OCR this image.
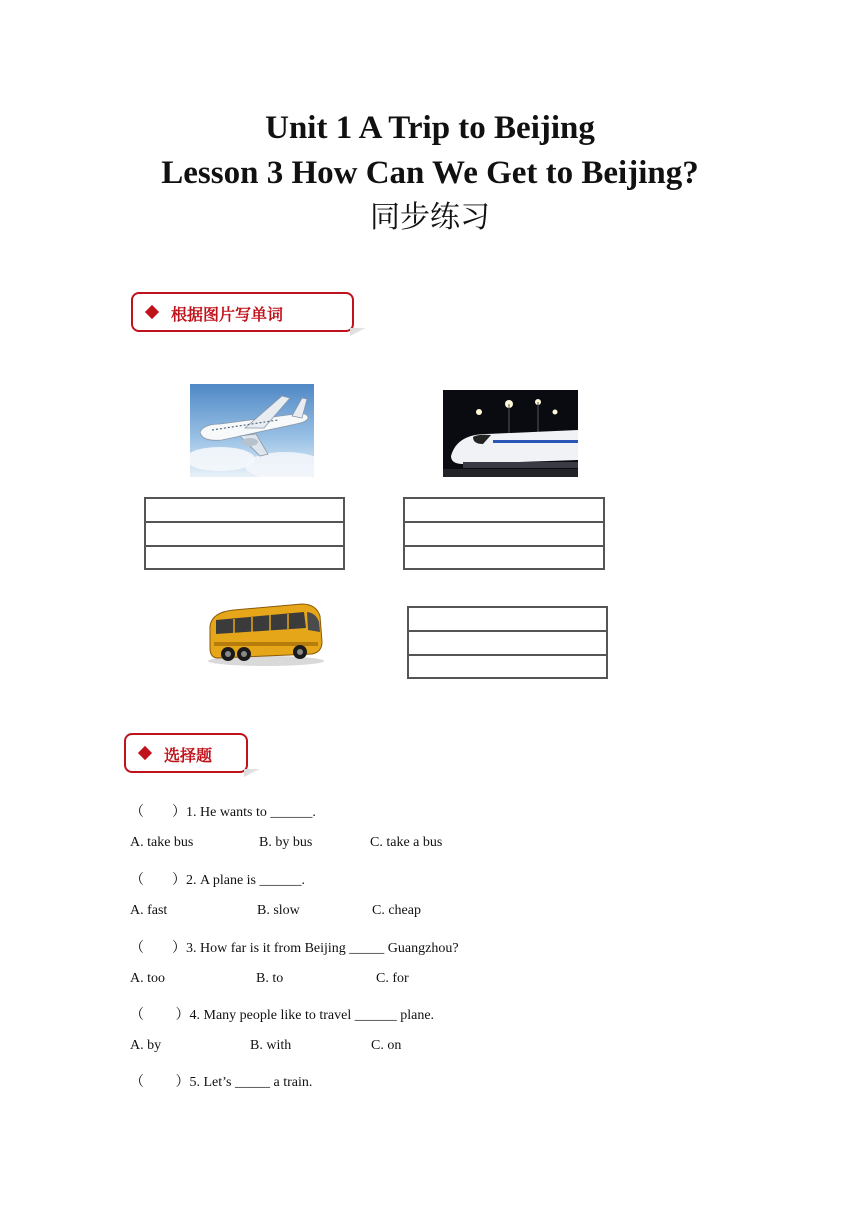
Unit 1 A Trip to Beijing
Lesson 3 How Can We Get to Beijing?
同步练习
根据图片写单词
选择题
（　　）1. He wants to ______.
A. take bus	B. by bus	C. take a bus
（　　）2. A plane is ______.
A. fast	B. slow	C. cheap
（　　）3. How far is it from Beijing _____ Guangzhou?
A. too	B. to	C. for
（　　 ）4. Many people like to travel ______ plane.
A. by	B. with	C. on
（　　 ）5. Let’s _____ a train.
